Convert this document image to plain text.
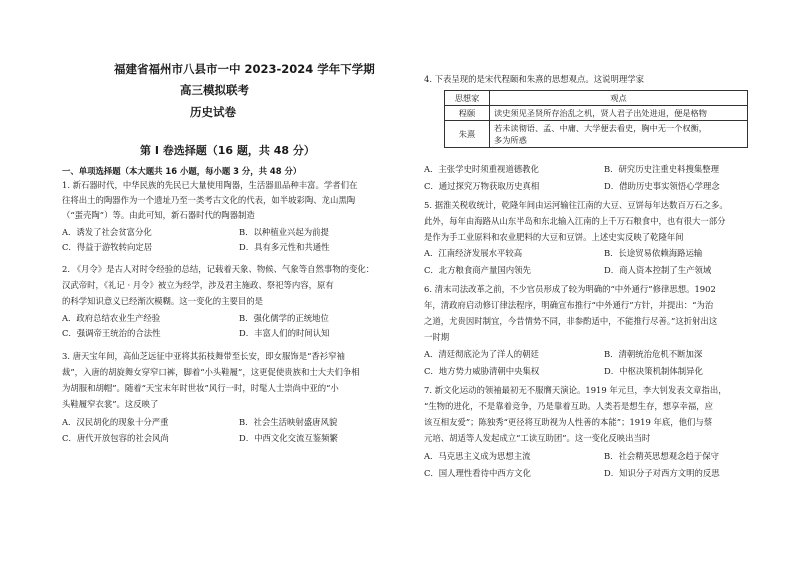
福建省福州市八县市一中 2023-2024 学年下学期
高三模拟联考
历史试卷
第 I 卷选择题（16 题，共 48 分）
一、单项选择题（本大题共 16 小题，每小题 3 分，共 48 分）
1. 新石器时代，中华民族的先民已大量使用陶器，生活器皿品种丰富。学者们在
往将出土的陶器作为一个遗址乃至一类考古文化的代表，如半坡彩陶、龙山黑陶
（“蛋壳陶”）等。由此可知，新石器时代的陶器制造
A．诱发了社会贫富分化	B．以种植业兴起为前提
C．得益于游牧转向定居	D．具有多元性和共通性
2. 《月令》是古人对时令经验的总结，记载着天象、物候、气象等自然事物的变化：
汉武帝时，《礼记 · 月令》被立为经学，涉及君主施政、祭祀等内容，原有
的科学知识意义已经渐次模糊。这一变化的主要目的是
A．政府总结农业生产经验	B．强化儒学的正统地位
C．强调帝王统治的合法性	D．丰富人们的时间认知
3. 唐天宝年间，高仙芝远征中亚将其拓枝舞带至长安，即女服饰是“香衫窄袖
裁”，入唐的胡旋舞女穿窄口裤，脚着“小头鞋履”，这更促使贵族和士大夫们争相
为胡服和胡帽”。随着“天宝末年时世妆”风行一时，时髦人士崇尚中亚的“小
头鞋履窄衣裳”。这反映了
A．汉民胡化的现象十分严重	B．社会生活映射盛唐风貌
C．唐代开放包容的社会风尚	D．中西文化交流互鉴频繁
4. 下表呈现的是宋代程颐和朱熹的思想观点。这说明理学家
思想家	观点
程颐	读史须见圣贤所存治乱之机，贤人君子出处进退，便是格物
朱熹	若未读彻语、孟、中庸、大学便去看史，胸中无一个权衡，
多为所惑
A．主张学史时须重视道德教化	B．研究历史注重史料搜集整理
C．通过探究万物获取历史真相	D．借助历史事实领悟心学理念
5. 据淮关税收统计，乾隆年间由运河输往江南的大豆、豆饼每年达数百万石之多。
此外，每年由海路从山东半岛和东北输入江南的上千万石粮食中，也有很大一部分
是作为手工业原料和农业肥料的大豆和豆饼。上述史实反映了乾隆年间
A．江南经济发展水平较高	B．长途贸易依赖海路运输
C．北方粮食商产量国内领先	D．商人资本控制了生产领域
6. 清末司法改革之前，不少官员形成了较为明确的“中外通行”修律思想。1902
年，清政府启动修订律法程序，明确宣布推行“中外通行”方针，并提出：“为治
之道，尤贵因时制宜，今昔情势不同，非参酌适中，不能推行尽善。”这折射出这
一时期
A．清廷彻底沦为了洋人的朝廷	B．清朝统治危机不断加深
C．地方势力威胁清朝中央集权	D．中枢决策机制体制异化
7. 新文化运动的领袖最初无不服膺天演论。1919 年元旦，李大钊发表文章指出，
“生物的进化，不是靠着竞争，乃是靠着互助。人类若是想生存，想享幸福，应
该互相友爱”；陈独秀“更径将互助视为人性善的本能”；1919 年底，他们与蔡
元培、胡适等人发起成立“工读互助团”。这一变化反映出当时
A．马克思主义成为思想主流	B．社会精英思想观念趋于保守
C．国人理性看待中西方文化	D．知识分子对西方文明的反思
